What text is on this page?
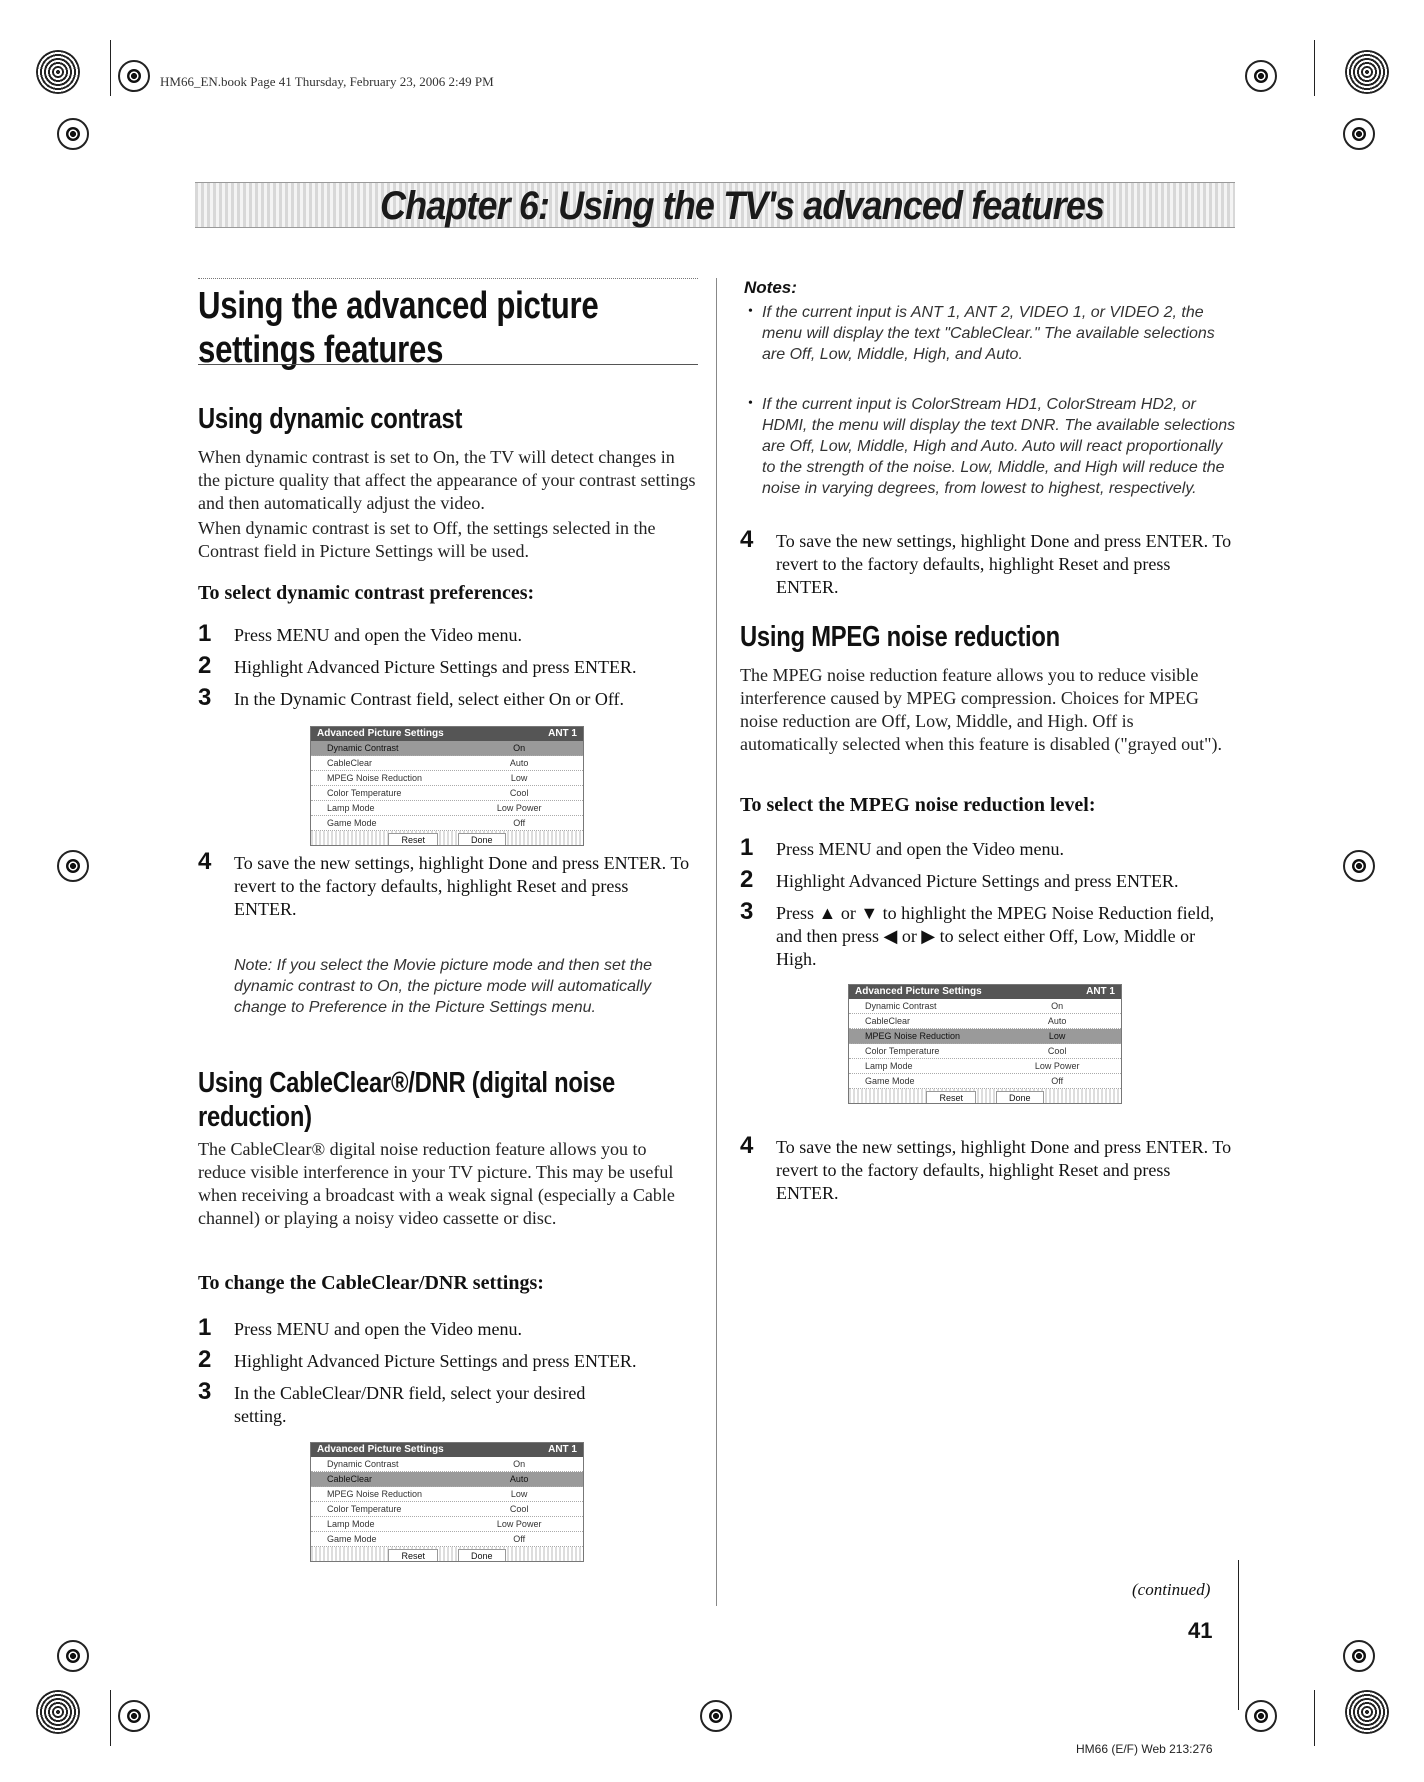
HM66_EN.book Page 41 Thursday, February 23, 2006 2:49 PM
Chapter 6: Using the TV's advanced features
Using the advanced picture settings features
Using dynamic contrast
When dynamic contrast is set to On, the TV will detect changes in the picture quality that affect the appearance of your contrast settings and then automatically adjust the video.
When dynamic contrast is set to Off, the settings selected in the Contrast field in Picture Settings will be used.
To select dynamic contrast preferences:
1 Press MENU and open the Video menu.
2 Highlight Advanced Picture Settings and press ENTER.
3 In the Dynamic Contrast field, select either On or Off.
Advanced Picture Settings	ANT 1
Dynamic Contrast	On
CableClear	Auto
MPEG Noise Reduction	Low
Color Temperature	Cool
Lamp Mode	Low Power
Game Mode	Off
Reset	Done
4 To save the new settings, highlight Done and press ENTER. To revert to the factory defaults, highlight Reset and press ENTER.
Note: If you select the Movie picture mode and then set the dynamic contrast to On, the picture mode will automatically change to Preference in the Picture Settings menu.
Using CableClear®/DNR (digital noise reduction)
The CableClear® digital noise reduction feature allows you to reduce visible interference in your TV picture. This may be useful when receiving a broadcast with a weak signal (especially a Cable channel) or playing a noisy video cassette or disc.
To change the CableClear/DNR settings:
1 Press MENU and open the Video menu.
2 Highlight Advanced Picture Settings and press ENTER.
3 In the CableClear/DNR field, select your desired setting.
Advanced Picture Settings	ANT 1
Dynamic Contrast	On
CableClear	Auto
MPEG Noise Reduction	Low
Color Temperature	Cool
Lamp Mode	Low Power
Game Mode	Off
Reset	Done
Notes:
• If the current input is ANT 1, ANT 2, VIDEO 1, or VIDEO 2, the menu will display the text "CableClear." The available selections are Off, Low, Middle, High, and Auto.
• If the current input is ColorStream HD1, ColorStream HD2, or HDMI, the menu will display the text DNR. The available selections are Off, Low, Middle, High and Auto. Auto will react proportionally to the strength of the noise. Low, Middle, and High will reduce the noise in varying degrees, from lowest to highest, respectively.
4 To save the new settings, highlight Done and press ENTER. To revert to the factory defaults, highlight Reset and press ENTER.
Using MPEG noise reduction
The MPEG noise reduction feature allows you to reduce visible interference caused by MPEG compression. Choices for MPEG noise reduction are Off, Low, Middle, and High. Off is automatically selected when this feature is disabled ("grayed out").
To select the MPEG noise reduction level:
1 Press MENU and open the Video menu.
2 Highlight Advanced Picture Settings and press ENTER.
3 Press ▲ or ▼ to highlight the MPEG Noise Reduction field, and then press ◀ or ▶ to select either Off, Low, Middle or High.
Advanced Picture Settings	ANT 1
Dynamic Contrast	On
CableClear	Auto
MPEG Noise Reduction	Low
Color Temperature	Cool
Lamp Mode	Low Power
Game Mode	Off
Reset	Done
4 To save the new settings, highlight Done and press ENTER. To revert to the factory defaults, highlight Reset and press ENTER.
(continued)
41
HM66 (E/F) Web 213:276
